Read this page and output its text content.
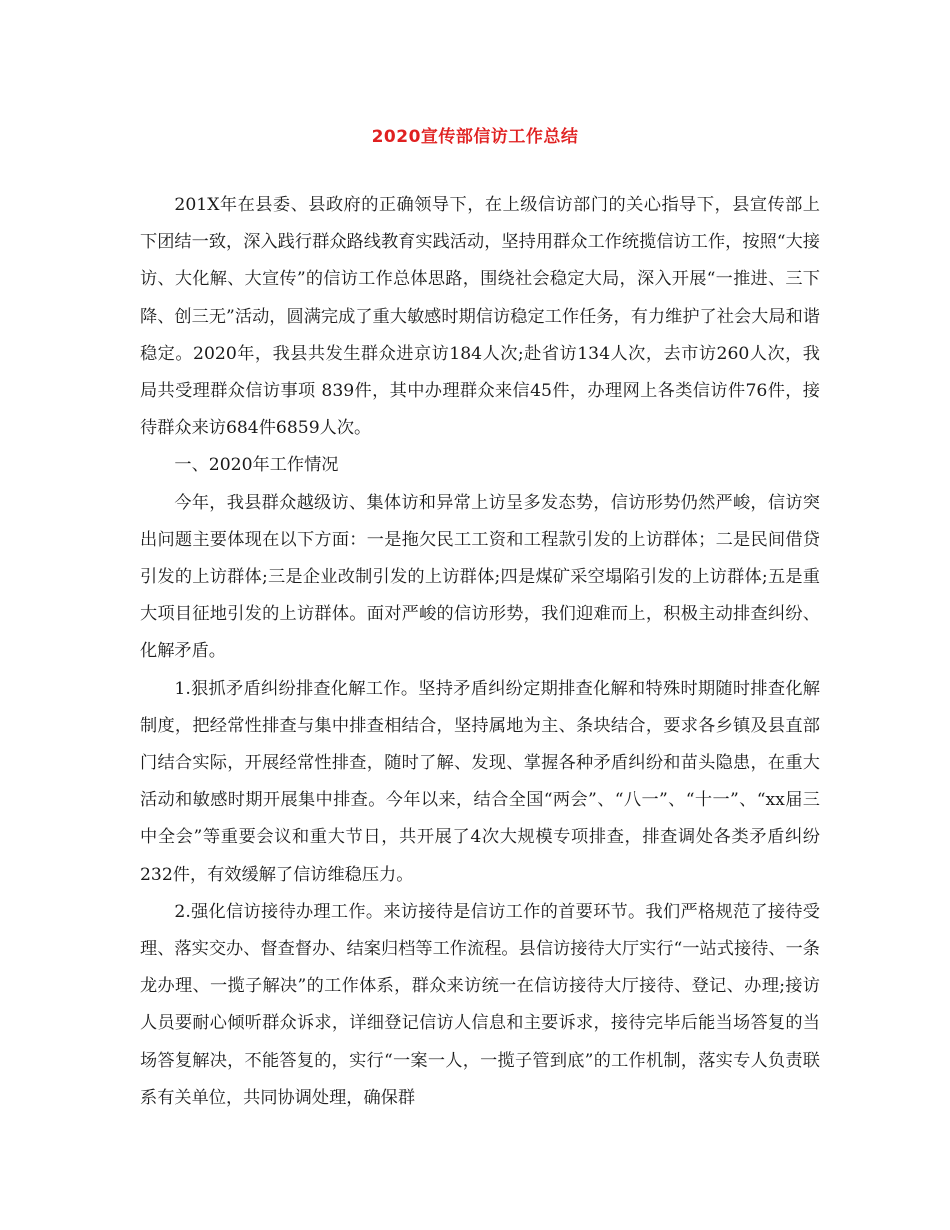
2020宣传部信访工作总结

201X年在县委、县政府的正确领导下，在上级信访部门的关心指导下，县宣传部上下团结一致，深入践行群众路线教育实践活动，坚持用群众工作统揽信访工作，按照“大接访、大化解、大宣传”的信访工作总体思路，围绕社会稳定大局，深入开展“一推进、三下降、创三无”活动，圆满完成了重大敏感时期信访稳定工作任务，有力维护了社会大局和谐稳定。2020年，我县共发生群众进京访184人次;赴省访134人次，去市访260人次，我局共受理群众信访事项 839件，其中办理群众来信45件，办理网上各类信访件76件，接待群众来访684件6859人次。

一、2020年工作情况

今年，我县群众越级访、集体访和异常上访呈多发态势，信访形势仍然严峻，信访突出问题主要体现在以下方面：一是拖欠民工工资和工程款引发的上访群体；二是民间借贷引发的上访群体;三是企业改制引发的上访群体;四是煤矿采空塌陷引发的上访群体;五是重大项目征地引发的上访群体。面对严峻的信访形势，我们迎难而上，积极主动排查纠纷、化解矛盾。

1.狠抓矛盾纠纷排查化解工作。坚持矛盾纠纷定期排查化解和特殊时期随时排查化解制度，把经常性排查与集中排查相结合，坚持属地为主、条块结合，要求各乡镇及县直部门结合实际，开展经常性排查，随时了解、发现、掌握各种矛盾纠纷和苗头隐患，在重大活动和敏感时期开展集中排查。今年以来，结合全国“两会”、“八一”、“十一”、“xx届三中全会”等重要会议和重大节日，共开展了4次大规模专项排查，排查调处各类矛盾纠纷232件，有效缓解了信访维稳压力。

2.强化信访接待办理工作。来访接待是信访工作的首要环节。我们严格规范了接待受理、落实交办、督查督办、结案归档等工作流程。县信访接待大厅实行“一站式接待、一条龙办理、一揽子解决”的工作体系，群众来访统一在信访接待大厅接待、登记、办理;接访人员要耐心倾听群众诉求，详细登记信访人信息和主要诉求，接待完毕后能当场答复的当场答复解决，不能答复的，实行“一案一人，一揽子管到底”的工作机制，落实专人负责联系有关单位，共同协调处理，确保群
